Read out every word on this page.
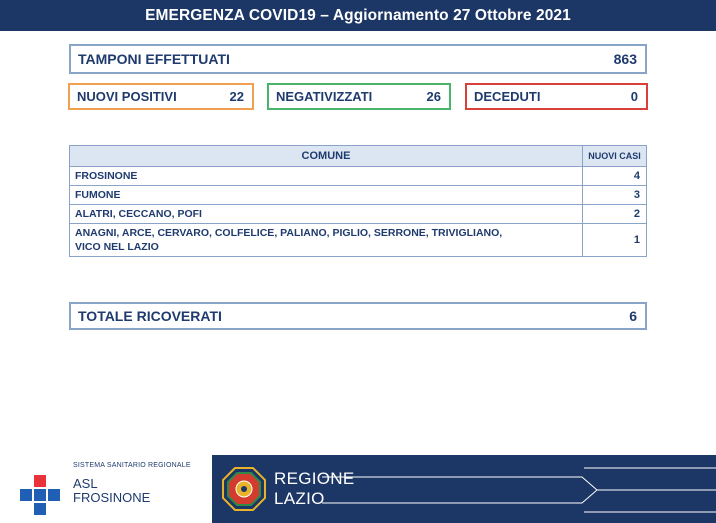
EMERGENZA COVID19 – Aggiornamento 27 Ottobre 2021
TAMPONI EFFETTUATI	863
NUOVI POSITIVI	22 NEGATIVIZZATI	26	DECEDUTI	0
COMUNE	NUOVI CASI
FROSINONE	4
FUMONE	3
ALATRI, CECCANO, POFI	2

ANAGNI, ARCE, CERVARO, COLFELICE, PALIANO, PIGLIO, SERRONE, TRIVIGLIANO,
VICO NEL LAZIO	1
TOTALE RICOVERATI	6
SISTEMA SANITARIO REGIONALE
ASL
FROSINONE
REGIONE
LAZIO
